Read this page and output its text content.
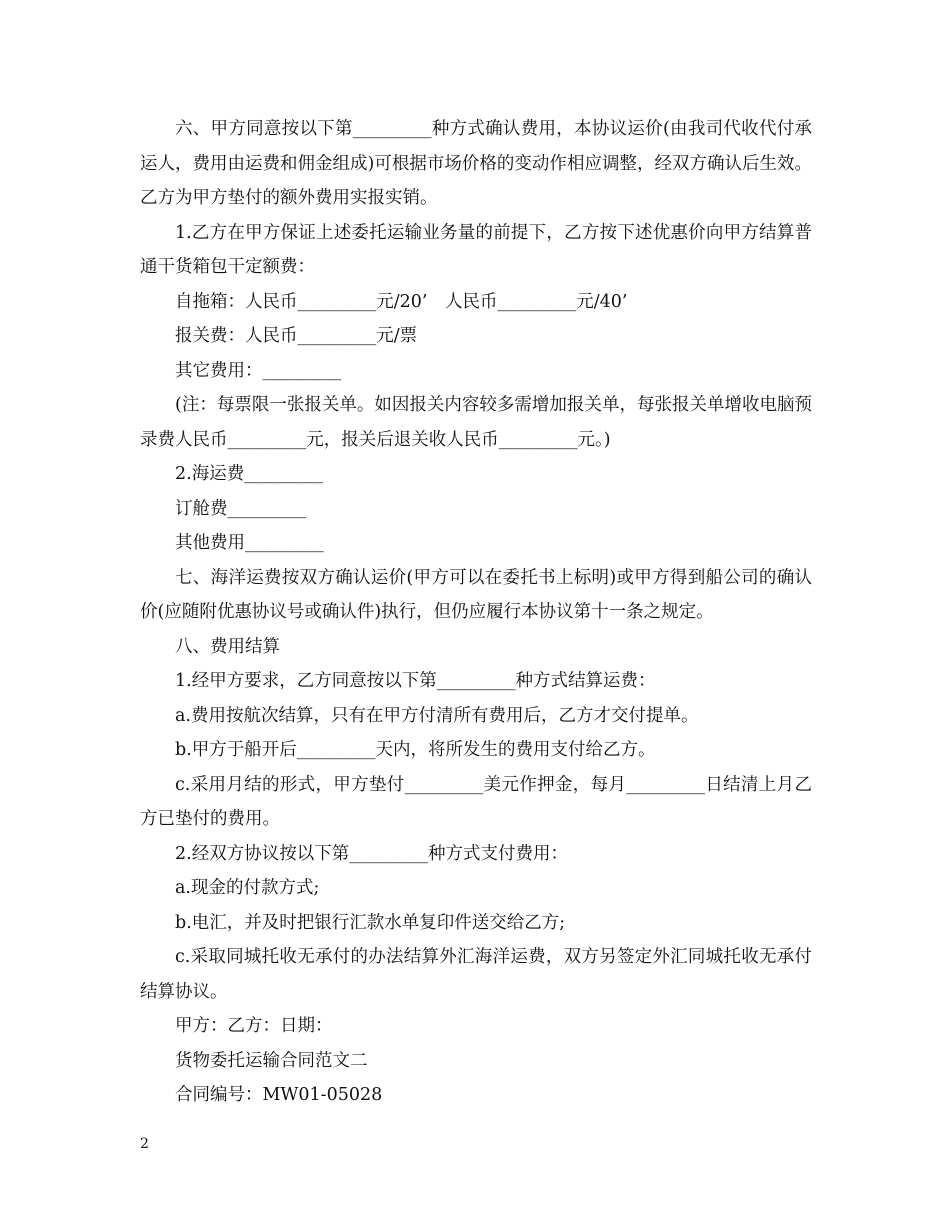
六、甲方同意按以下第_________种方式确认费用，本协议运价(由我司代收代付承运人，费用由运费和佣金组成)可根据市场价格的变动作相应调整，经双方确认后生效。乙方为甲方垫付的额外费用实报实销。

1.乙方在甲方保证上述委托运输业务量的前提下，乙方按下述优惠价向甲方结算普通干货箱包干定额费：

自拖箱：人民币_________元/20’　人民币_________元/40’

报关费：人民币_________元/票

其它费用：_________

(注：每票限一张报关单。如因报关内容较多需增加报关单，每张报关单增收电脑预录费人民币_________元，报关后退关收人民币_________元。)

2.海运费_________

订舱费_________

其他费用_________

七、海洋运费按双方确认运价(甲方可以在委托书上标明)或甲方得到船公司的确认价(应随附优惠协议号或确认件)执行，但仍应履行本协议第十一条之规定。

八、费用结算

1.经甲方要求，乙方同意按以下第_________种方式结算运费：

a.费用按航次结算，只有在甲方付清所有费用后，乙方才交付提单。

b.甲方于船开后_________天内，将所发生的费用支付给乙方。

c.采用月结的形式，甲方垫付_________美元作押金，每月_________日结清上月乙方已垫付的费用。

2.经双方协议按以下第_________种方式支付费用：

a.现金的付款方式;

b.电汇，并及时把银行汇款水单复印件送交给乙方;

c.采取同城托收无承付的办法结算外汇海洋运费，双方另签定外汇同城托收无承付结算协议。

甲方：乙方：日期：

货物委托运输合同范文二

合同编号：MW01-05028

2
